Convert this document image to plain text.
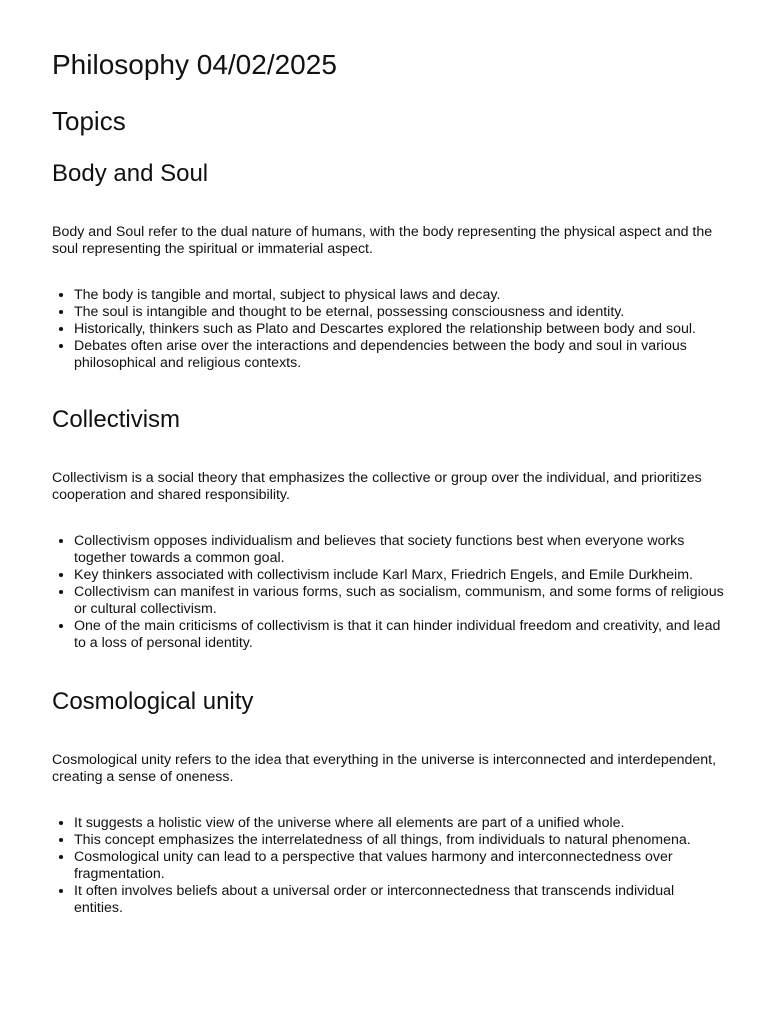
Philosophy 04/02/2025
Topics
Body and Soul

Body and Soul refer to the dual nature of humans, with the body representing the physical aspect and the soul representing the spiritual or immaterial aspect.

• The body is tangible and mortal, subject to physical laws and decay.
• The soul is intangible and thought to be eternal, possessing consciousness and identity.
• Historically, thinkers such as Plato and Descartes explored the relationship between body and soul.
• Debates often arise over the interactions and dependencies between the body and soul in various philosophical and religious contexts.
Collectivism

Collectivism is a social theory that emphasizes the collective or group over the individual, and prioritizes cooperation and shared responsibility.

• Collectivism opposes individualism and believes that society functions best when everyone works together towards a common goal.
• Key thinkers associated with collectivism include Karl Marx, Friedrich Engels, and Emile Durkheim.
• Collectivism can manifest in various forms, such as socialism, communism, and some forms of religious or cultural collectivism.
• One of the main criticisms of collectivism is that it can hinder individual freedom and creativity, and lead to a loss of personal identity.
Cosmological unity

Cosmological unity refers to the idea that everything in the universe is interconnected and interdependent, creating a sense of oneness.

• It suggests a holistic view of the universe where all elements are part of a unified whole.
• This concept emphasizes the interrelatedness of all things, from individuals to natural phenomena.
• Cosmological unity can lead to a perspective that values harmony and interconnectedness over fragmentation.
• It often involves beliefs about a universal order or interconnectedness that transcends individual entities.
